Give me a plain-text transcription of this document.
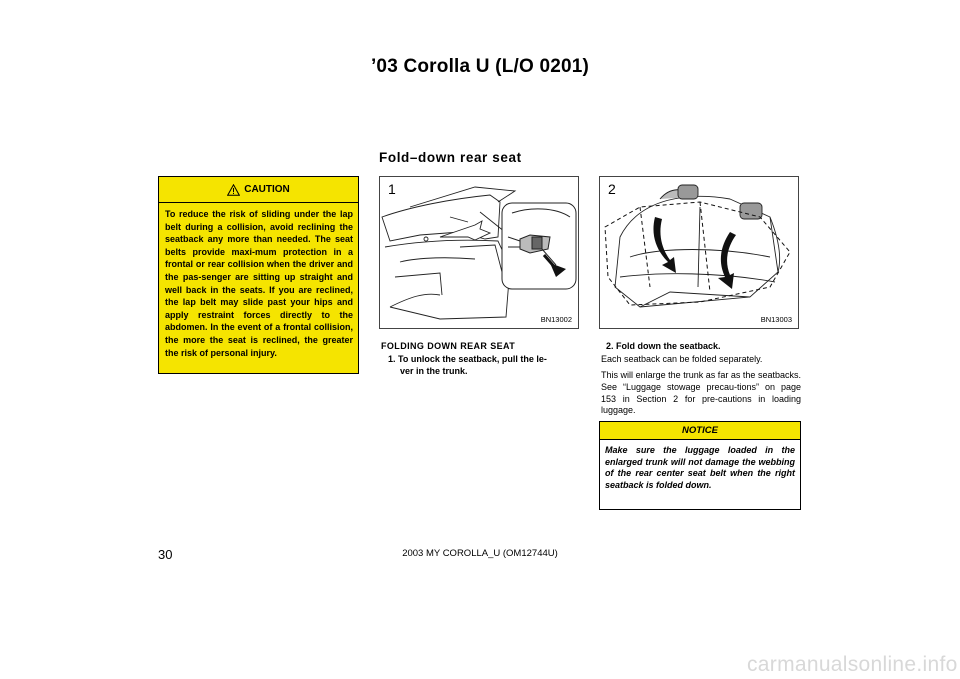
’03 Corolla U (L/O 0201)
Fold–down rear seat
CAUTION
To reduce the risk of sliding under the lap belt during a collision, avoid reclining the seatback any more than needed. The seat belts provide maxi-mum protection in a frontal or rear collision when the driver and the pas-senger are sitting up straight and well back in the seats. If you are reclined, the lap belt may slide past your hips and apply restraint forces directly to the abdomen. In the event of a frontal collision, the more the seat is reclined, the greater the risk of personal injury.
1
BN13002
2
BN13003
FOLDING DOWN REAR SEAT
1. To unlock the seatback, pull the le-
ver in the trunk.
2. Fold down the seatback.
Each seatback can be folded separately.
This will enlarge the trunk as far as the seatbacks. See “Luggage stowage precau-tions” on page 153 in Section 2 for pre-cautions in loading luggage.
NOTICE
Make sure the luggage loaded in the enlarged trunk will not damage the webbing of the rear center seat belt when the right seatback is folded down.
30	2003 MY COROLLA_U (OM12744U)
carmanualsonline.info
